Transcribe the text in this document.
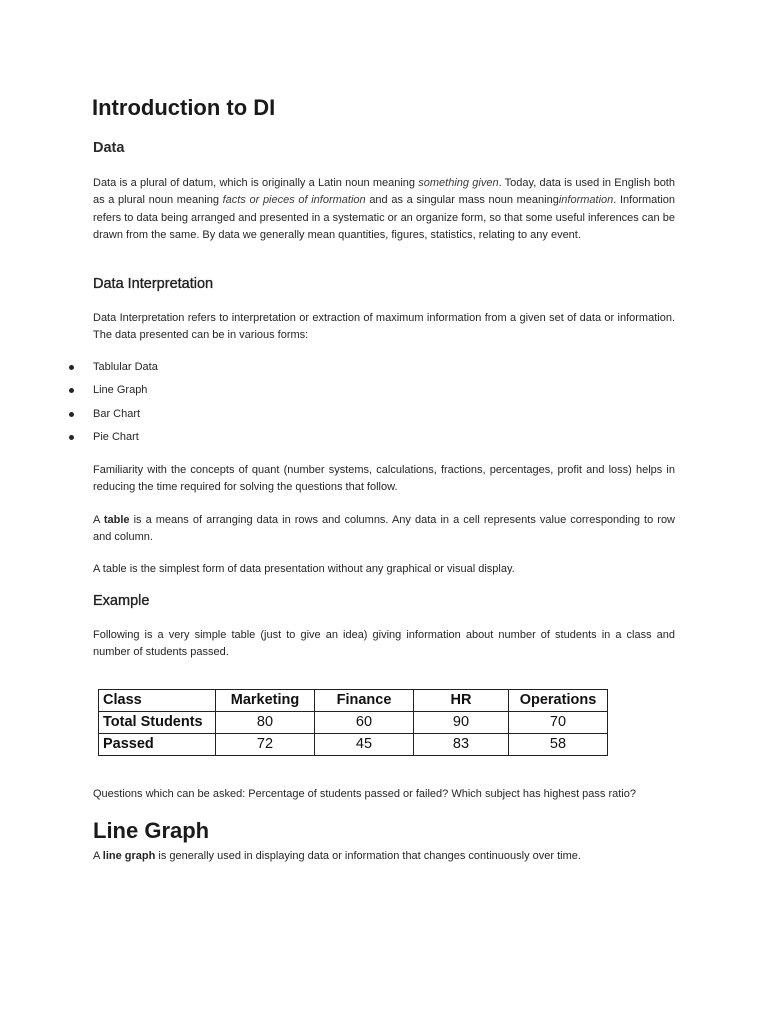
Introduction to DI
Data

Data is a plural of datum, which is originally a Latin noun meaning something given. Today, data is used in English both as a plural noun meaning facts or pieces of information and as a singular mass noun meaninginformation. Information refers to data being arranged and presented in a systematic or an organize form, so that some useful inferences can be drawn from the same. By data we generally mean quantities, figures, statistics, relating to any event.

Data Interpretation

Data Interpretation refers to interpretation or extraction of maximum information from a given set of data or information. The data presented can be in various forms:

Tablular Data
Line Graph
Bar Chart
Pie Chart

Familiarity with the concepts of quant (number systems, calculations, fractions, percentages, profit and loss) helps in reducing the time required for solving the questions that follow.

A table is a means of arranging data in rows and columns. Any data in a cell represents value corresponding to row and column.

A table is the simplest form of data presentation without any graphical or visual display.

Example

Following is a very simple table (just to give an idea) giving information about number of students in a class and number of students passed.

Class	Marketing	Finance	HR	Operations
Total Students	80	60	90	70
Passed	72	45	83	58

Questions which can be asked: Percentage of students passed or failed? Which subject has highest pass ratio?

Line Graph

A line graph is generally used in displaying data or information that changes continuously over time.
